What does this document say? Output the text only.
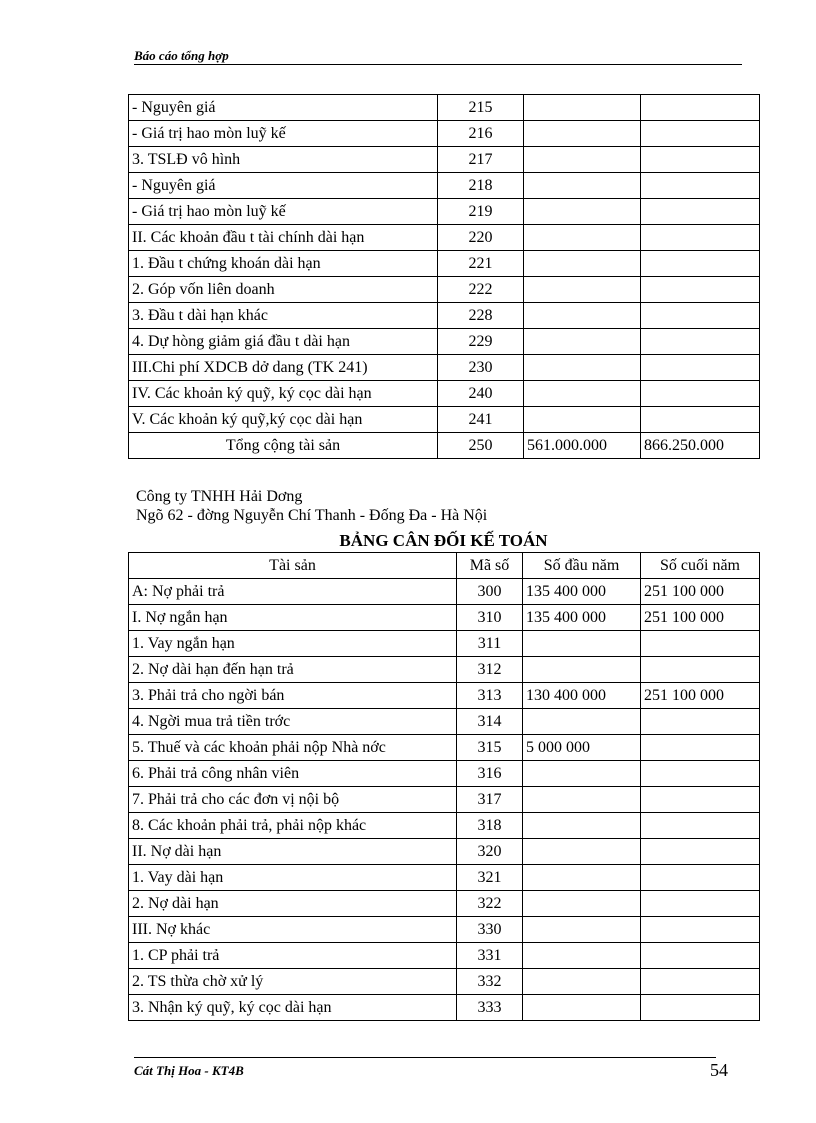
Báo cáo tổng hợp
- Nguyên giá	215		
- Giá trị hao mòn luỹ kế	216		
3. TSLĐ vô hình	217		
- Nguyên giá	218		
- Giá trị hao mòn luỹ kế	219		
II. Các khoản đầu t tài chính dài hạn	220		
1. Đầu t chứng khoán dài hạn	221		
2. Góp vốn liên doanh	222		
3. Đầu t dài hạn khác	228		
4. Dự hòng giảm giá đầu t dài hạn	229		
III.Chi phí XDCB dở dang (TK 241)	230		
IV. Các khoản ký quỹ, ký cọc dài hạn	240		
V. Các khoản ký quỹ,ký cọc dài hạn	241		
Tổng cộng tài sản	250	561.000.000	866.250.000
Công ty TNHH Hải Dơng
Ngõ 62 - đờng Nguyễn Chí Thanh - Đống Đa - Hà Nội
BẢNG CÂN ĐỐI KẾ TOÁN
Tài sản	Mã số	Số đầu năm	Số cuối năm
A: Nợ phải trả	300	135 400 000	251 100 000
I. Nợ ngắn hạn	310	135 400 000	251 100 000
1. Vay ngắn hạn	311		
2. Nợ dài hạn đến hạn trả	312		
3. Phải trả cho ngời bán	313	130 400 000	251 100 000
4. Ngời mua trả tiền trớc	314		
5. Thuế và các khoản phải nộp Nhà nớc	315	5 000 000	
6. Phải trả công nhân viên	316		
7. Phải trả cho các đơn vị nội bộ	317		
8. Các khoản phải trả, phải nộp khác	318		
II. Nợ dài hạn	320		
1. Vay dài hạn	321		
2. Nợ dài hạn	322		
III. Nợ khác	330		
1. CP phải trả	331		
2. TS thừa chờ xử lý	332		
3. Nhận ký quỹ, ký cọc dài hạn	333		
Cát Thị Hoa - KT4B	54
